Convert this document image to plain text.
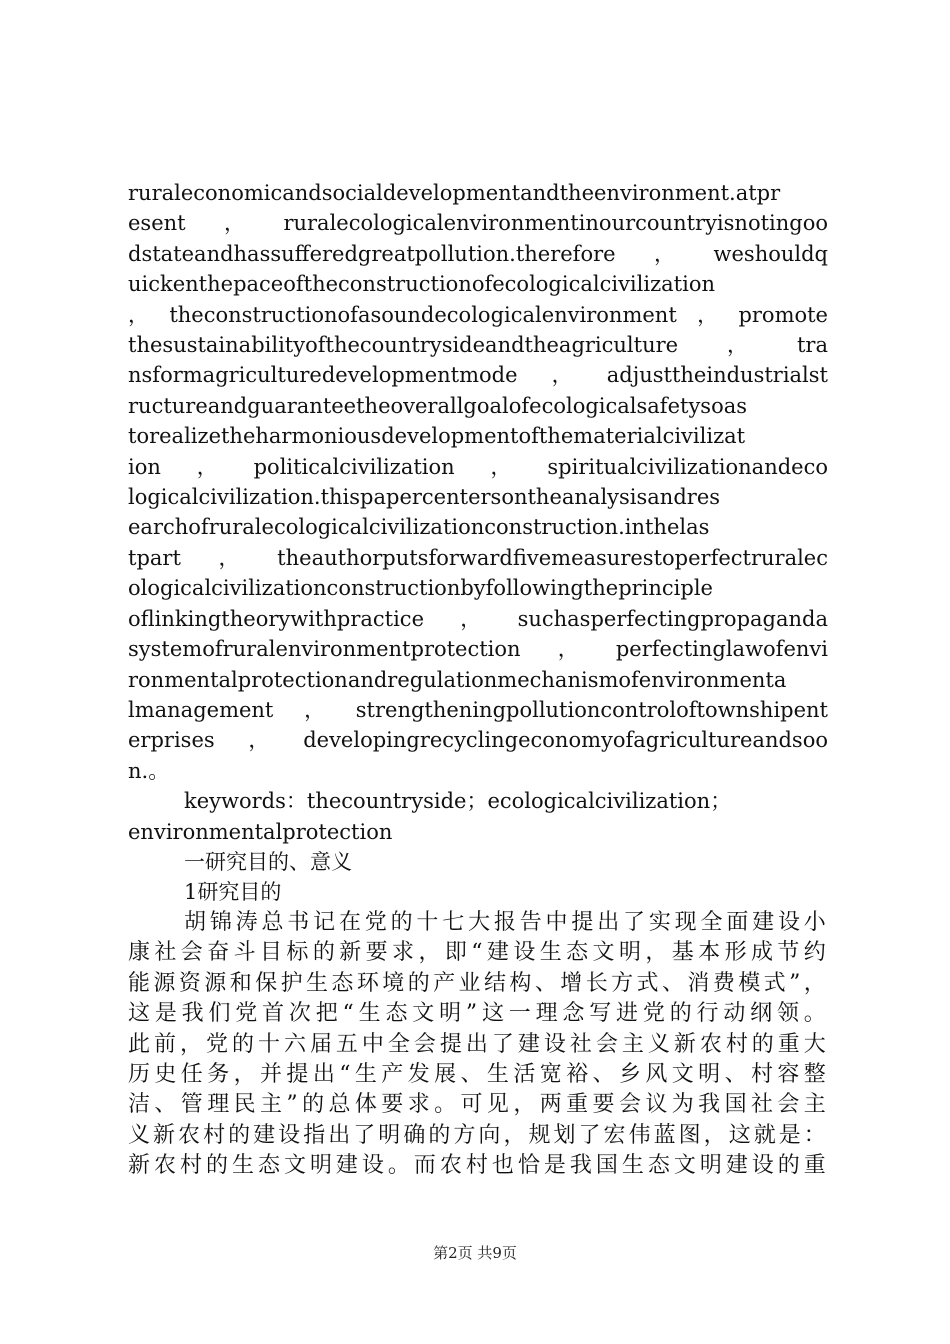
ruraleconomicandsocialdevelopmentandtheenvironment.atpr
esent，ruralecologicalenvironmentinourcountryisnotingoo
dstateandhassufferedgreatpollution.therefore，weshouldq
uickenthepaceoftheconstructionofecologicalcivilization
，theconstructionofasoundecologicalenvironment，promote
thesustainabilityofthecountrysideandtheagriculture，tra
nsformagriculturedevelopmentmode，adjusttheindustrialst
ructureandguaranteetheoverallgoalofecologicalsafetysoas
torealizetheharmoniousdevelopmentofthematerialcivilizat
ion，politicalcivilization，spiritualcivilizationandeco
logicalcivilization.thispapercentersontheanalysisandres
earchofruralecologicalcivilizationconstruction.inthelas
tpart，theauthorputsforwardfivemeasurestoperfectruralec
ologicalcivilizationconstructionbyfollowingtheprinciple
oflinkingtheorywithpractice，suchasperfectingpropaganda
systemofruralenvironmentprotection，perfectinglawofenvi
ronmentalprotectionandregulationmechanismofenvironmenta
lmanagement，strengtheningpollutioncontroloftownshipent
erprises，developingrecyclingeconomyofagricultureandsoo
n.。
keywords：thecountryside；ecologicalcivilization；
environmentalprotection
一研究目的、意义
1研究目的
胡锦涛总书记在党的十七大报告中提出了实现全面建设小
康社会奋斗目标的新要求，即“建设生态文明，基本形成节约
能源资源和保护生态环境的产业结构、增长方式、消费模式”，
这是我们党首次把“生态文明”这一理念写进党的行动纲领。
此前，党的十六届五中全会提出了建设社会主义新农村的重大
历史任务，并提出“生产发展、生活宽裕、乡风文明、村容整
洁、管理民主”的总体要求。可见，两重要会议为我国社会主
义新农村的建设指出了明确的方向，规划了宏伟蓝图，这就是：
新农村的生态文明建设。而农村也恰是我国生态文明建设的重
第2页 共9页
